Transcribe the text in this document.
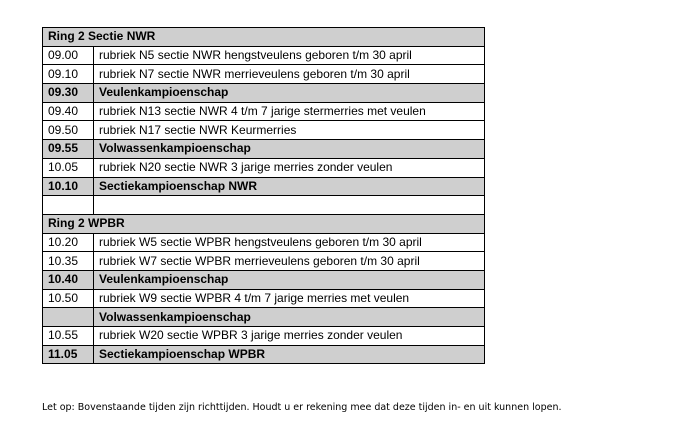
Ring 2 Sectie NWR	
09.00	rubriek N5 sectie NWR hengstveulens geboren t/m 30 april
09.10	rubriek N7 sectie NWR merrieveulens geboren t/m 30 april
09.30	Veulenkampioenschap
09.40	rubriek N13 sectie NWR 4 t/m 7 jarige stermerries met veulen
09.50	rubriek N17 sectie NWR Keurmerries
09.55	Volwassenkampioenschap
10.05	rubriek N20 sectie NWR 3 jarige merries zonder veulen
10.10	Sectiekampioenschap NWR

Ring 2 WPBR	
10.20	rubriek W5 sectie WPBR hengstveulens geboren t/m 30 april
10.35	rubriek W7 sectie WPBR merrieveulens geboren t/m 30 april
10.40	Veulenkampioenschap
10.50	rubriek W9 sectie WPBR 4 t/m 7 jarige merries met veulen
	Volwassenkampioenschap
10.55	rubriek W20 sectie WPBR 3 jarige merries zonder veulen
11.05	Sectiekampioenschap WPBR
Let op: Bovenstaande tijden zijn richttijden. Houdt u er rekening mee dat deze tijden in- en uit kunnen lopen.
